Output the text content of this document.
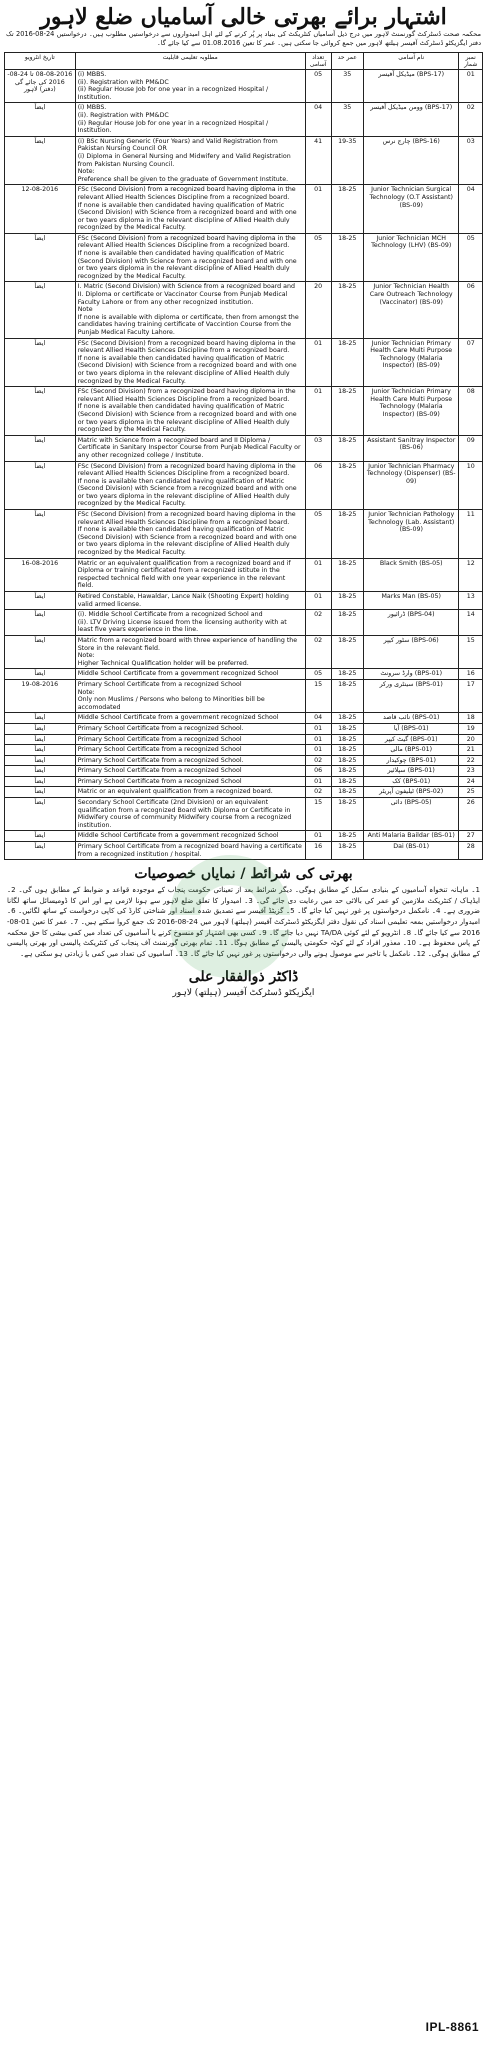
اشتہار برائے بھرتی خالی آسامیاں ضلع لاہور
محکمہ صحت ڈسٹرکٹ گورنمنٹ لاہور میں درج ذیل آسامیاں کنٹریکٹ کی بنیاد پر پُر کرنے کے لئے اہل امیدواروں سے درخواستیں مطلوب ہیں۔ درخواستیں 24-08-2016 تک دفتر ایگزیکٹو ڈسٹرکٹ آفیسر ہیلتھ لاہور میں جمع کروائی جا سکتی ہیں۔ عمر کا تعین 01.08.2016 سے کیا جائے گا۔
تاریخ انٹرویو	مطلوبہ تعلیمی قابلیت	تعداد آسامی	عمر حد	نام آسامی	نمبر شمار
08-08-2016 تا 24-08-2016 کی جائے گی (دفتر) لاہور	(i) MBBS.
(ii). Registration with PM&DC
(ii) Regular House Job for one year in a recognized Hospital / Institution.	05	35	میڈیکل آفیسر (BPS-17)	01
ایضاً	(i) MBBS.
(ii). Registration with PM&DC
(ii) Regular House Job for one year in a recognized Hospital / Institution.	04	35	وومن میڈیکل آفیسر (BPS-17)	02
ایضاً	(i) BSc Nursing Generic (Four Years) and Valid Registration from Pakistan Nursing Council OR
(i) Diploma in General Nursing and Midwifery and Valid Registration from Pakistan Nursing Council.
Note:
Preference shall be given to the graduate of Government Institute.	41	19-35	چارج نرس (BPS-16)	03
12-08-2016	FSc (Second Division) from a recognized board having diploma in the relevant Allied Health Sciences Discipline from a recognized board.
If none is available then candidated having qualification of Matric (Second Division) with Science from a recognized board and with one or two years diploma in the relevant discipline of Allied Health duly recognized by the Medical Faculty.	01	18-25	Junior Technician Surgical Technology (O.T Assistant) (BS-09)	04
ایضاً	FSc (Second Division) from a recognized board having diploma in the relevant Allied Health Sciences Discipline from a recognized board.
If none is available then candidated having qualification of Matric (Second Division) with Science from a recognized board and with one or two years diploma in the relevant discipline of Allied Health duly recognized by the Medical Faculty.	05	18-25	Junior Technician MCH Technology (LHV) (BS-09)	05
ایضاً	I. Matric (Second Division) with Science from a recognized board and
II. Diploma or certificate or Vaccinator Course from Punjab Medical Faculty Lahore or from any other recognized institution.
Note
If none is available with diploma or certificate, then from amongst the candidates having training certificate of Vaccintion Course from the Punjab Medical Faculty Lahore.	20	18-25	Junior Technician Health Care Outreach Technology (Vaccinator) (BS-09)	06
ایضاً	FSc (Second Division) from a recognized board having diploma in the relevant Allied Health Sciences Discipline from a recognized board.
If none is available then candidated having qualification of Matric (Second Division) with Science from a recognized board and with one or two years diploma in the relevant discipline of Allied Health duly recognized by the Medical Faculty.	01	18-25	Junior Technician Primary Health Care Multi Purpose Technology (Malaria Inspector) (BS-09)	07
ایضاً	FSc (Second Division) from a recognized board having diploma in the relevant Allied Health Sciences Discipline from a recognized board.
If none is available then candidated having qualification of Matric (Second Division) with Science from a recognized board and with one or two years diploma in the relevant discipline of Allied Health duly recognized by the Medical Faculty.	01	18-25	Junior Technician Primary Health Care Multi Purpose Technology (Malaria Inspector) (BS-09)	08
ایضاً	Matric with Science from a recognized board and II Diploma / Certificate in Sanitary Inspector Course from Punjab Medical Faculty or any other recognized college / Institute.	03	18-25	Assistant Sanitray Inspector (BS-06)	09
ایضاً	FSc (Second Division) from a recognized board having diploma in the relevant Allied Health Sciences Discipline from a recognized board.
If none is available then candidated having qualification of Matric (Second Division) with Science from a recognized board and with one or two years diploma in the relevant discipline of Allied Health duly recognized by the Medical Faculty.	06	18-25	Junior Technician Pharmacy Technology (Dispenser) (BS-09)	10
ایضاً	FSc (Second Division) from a recognized board having diploma in the relevant Allied Health Sciences Discipline from a recognized board.
If none is available then candidated having qualification of Matric (Second Division) with Science from a recognized board and with one or two years diploma in the relevant discipline of Allied Health duly recognized by the Medical Faculty.	05	18-25	Junior Technician Pathology Technology (Lab. Assistant) (BS-09)	11
16-08-2016	Matric or an equivalent qualification from a recognized board and if Diploma or training certificated from a recognized istitute in the respected technical field with one year experience in the relevant field.	01	18-25	Black Smith (BS-05)	12
ایضاً	Retired Constable, Hawaldar, Lance Naik (Shooting Expert) holding valid armed license.	01	18-25	Marks Man (BS-05)	13
ایضاً	(i). Middle School Certificate from a recognized School and
(ii). LTV Driving License issued from the licensing authority with at least five years experience in the line.	02	18-25	ڈرائیور (BPS-04)	14
ایضاً	Matric from a recognized board with three experience of handling the Store in the relevant field.
Note:
Higher Technical Qualification holder will be preferred.	02	18-25	سٹور کیپر (BPS-06)	15
ایضاً	Middle School Certificate from a government recognized School	05	18-25	وارڈ سرونٹ (BPS-01)	16
19-08-2016	Primary School Certificate from a recognized School
Note:
Only non Muslims / Persons who belong to Minorities bill be accomodated	15	18-25	سینٹری ورکر (BPS-01)	17
ایضاً	Middle School Certificate from a government recognized School	04	18-25	نائب قاصد (BPS-01)	18
ایضاً	Primary School Certificate from a recognized School.	01	18-25	آیا (BPS-01)	19
ایضاً	Primary School Certificate from a recognized School	01	18-25	گیٹ کیپر (BPS-01)	20
ایضاً	Primary School Certificate from a recognized School	01	18-25	مالی (BPS-01)	21
ایضاً	Primary School Certificate from a recognized School.	02	18-25	چوکیدار (BPS-01)	22
ایضاً	Primary School Certificate from a recognized School	06	18-25	سپلائیر (BPS-01)	23
ایضاً	Primary School Certificate from a recognized School	01	18-25	کک (BPS-01)	24
ایضاً	Matric or an equivalent qualification from a recognized board.	02	18-25	ٹیلیفون آپریٹر (BPS-02)	25
ایضاً	Secondary School Certificate (2nd Division) or an equivalent qualification from a recognized Board with Diploma or Certificate in Midwifery course of community Midwifery course from a recognized institution.	15	18-25	دائی (BPS-05)	26
ایضاً	Middle School Certificate from a government recognized School	01	18-25	Anti Malaria Baildar (BS-01)	27
ایضاً	Primary School Certificate from a recognized board having a certificate from a recognized institution / hospital.	16	18-25	Dai (BS-01)	28
بھرتی کی شرائط / نمایاں خصوصیات
1۔ ماہانہ تنخواہ آسامیوں کے بنیادی سکیل کے مطابق ہوگی۔ دیگر شرائط بعد از تعیناتی حکومت پنجاب کے موجودہ قواعد و ضوابط کے مطابق ہوں گی۔ 2۔ ایڈہاک / کنٹریکٹ ملازمین کو عمر کی بالائی حد میں رعایت دی جائے گی۔ 3۔ امیدوار کا تعلق ضلع لاہور سے ہونا لازمی ہے اور اس کا ڈومیسائل ساتھ لگانا ضروری ہے۔ 4۔ نامکمل درخواستوں پر غور نہیں کیا جائے گا۔ 5۔ گزیٹڈ آفیسر سے تصدیق شدہ اسناد اور شناختی کارڈ کی کاپی درخواست کے ساتھ لگائیں۔ 6۔ امیدوار درخواستیں بمعہ تعلیمی اسناد کی نقول دفتر ایگزیکٹو ڈسٹرکٹ آفیسر (ہیلتھ) لاہور میں 24-08-2016 تک جمع کروا سکتے ہیں۔ 7۔ عمر کا تعین 01-08-2016 سے کیا جائے گا۔ 8۔ انٹرویو کے لئے کوئی TA/DA نہیں دیا جائے گا۔ 9۔ کسی بھی اشتہار کو منسوخ کرنے یا آسامیوں کی تعداد میں کمی بیشی کا حق محکمہ کے پاس محفوظ ہے۔ 10۔ معذور افراد کے لئے کوٹہ حکومتی پالیسی کے مطابق ہوگا۔ 11۔ تمام بھرتی گورنمنٹ آف پنجاب کی کنٹریکٹ پالیسی اور بھرتی پالیسی کے مطابق ہوگی۔ 12۔ نامکمل یا تاخیر سے موصول ہونے والی درخواستوں پر غور نہیں کیا جائے گا۔ 13۔ آسامیوں کی تعداد میں کمی یا زیادتی ہو سکتی ہے۔
ڈاکٹر ذوالفقار علی
ایگزیکٹو ڈسٹرکٹ آفیسر (ہیلتھ) لاہور
IPL-8861
